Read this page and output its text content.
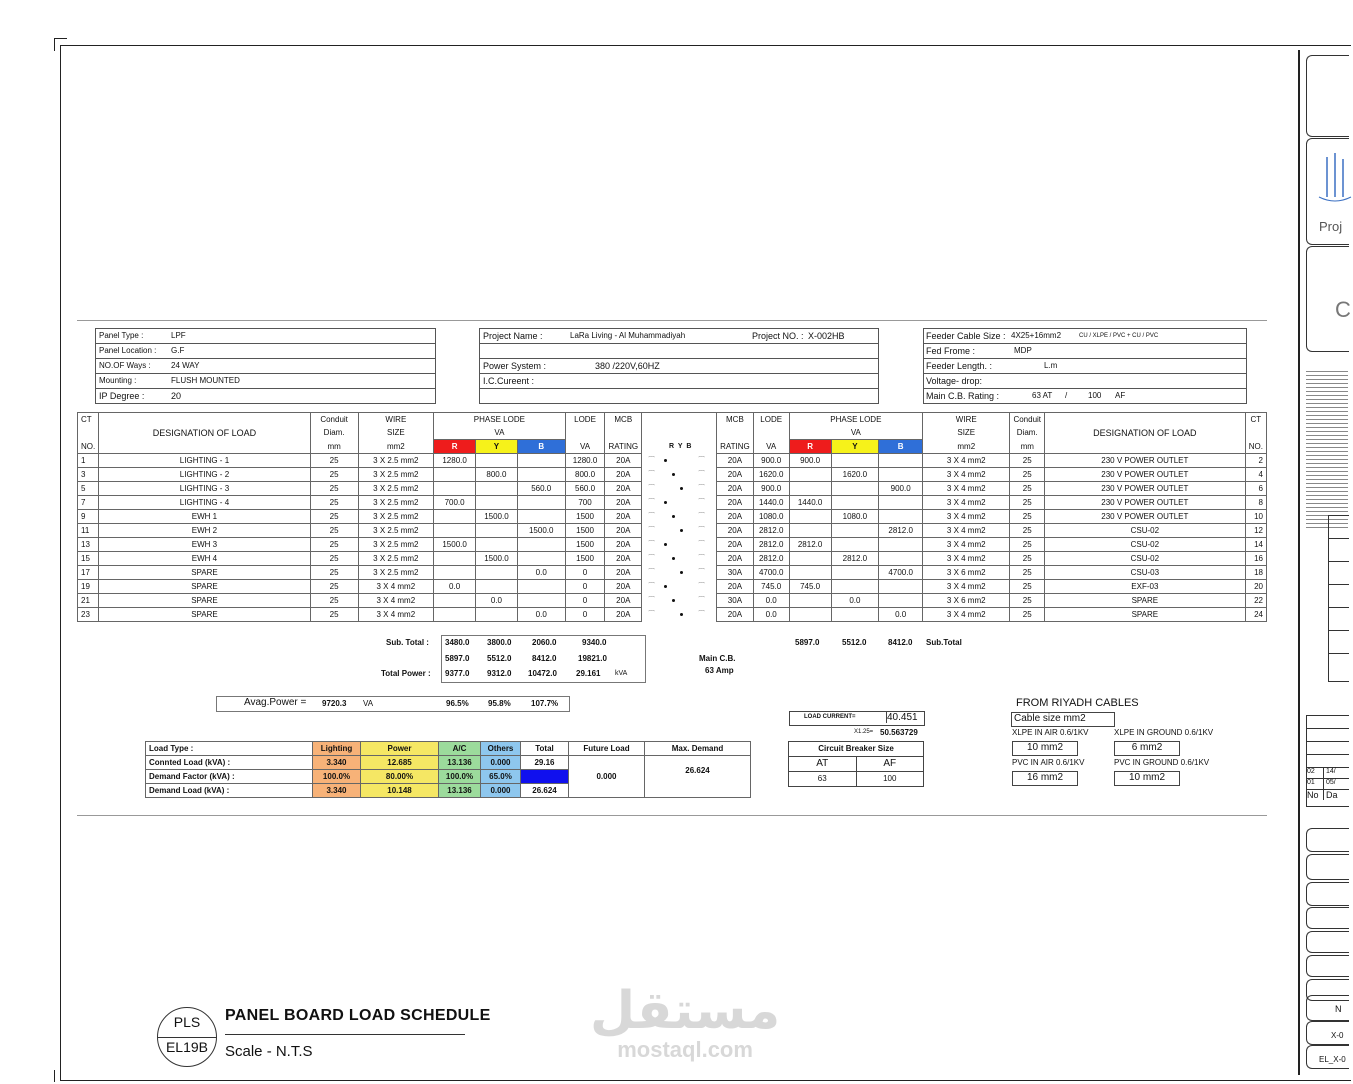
Panel Type :	LPF
Panel Location : G.F
NO.OF Ways :	24 WAY
Mounting :	FLUSH MOUNTED
IP Degree :	20
Project Name :	LaRa Living - Al Muhammadiyah	Project NO. : X-002HB
Power System :	380 /220V,60HZ
I.C.Cureent :
Feeder Cable Size : 4X25+16mm2	CU / XLPE / PVC + CU / PVC
Fed Frome :	MDP
Feeder Length. :	L.m
Voltage- drop:
Main C.B. Rating :	63 AT /	100 AF
CT	DESIGNATION OF LOAD	Conduit	WIRE	PHASE LODE			LODE	MCB		MCB	LODE	PHASE LODE			WIRE	Conduit	DESIGNATION OF LOAD	CT
		Diam.	SIZE	VA								VA			SIZE	Diam.		
NO.		mm	mm2	R	Y	B	VA	RATING		RATING	VA	R	Y	B	mm2	mm		NO.
1	LIGHTING - 1	25	3 X 2.5 mm2	1280.0			1280.0	20A	⌒ ⌒	20A	900.0	900.0			3 X 4 mm2	25	230 V POWER OUTLET	2
3	LIGHTING - 2	25	3 X 2.5 mm2		800.0		800.0	20A	⌒ ⌒	20A	1620.0		1620.0		3 X 4 mm2	25	230 V POWER OUTLET	4
5	LIGHTING - 3	25	3 X 2.5 mm2			560.0	560.0	20A	⌒ ⌒	20A	900.0			900.0	3 X 4 mm2	25	230 V POWER OUTLET	6
7	LIGHTING - 4	25	3 X 2.5 mm2	700.0			700	20A	⌒ ⌒	20A	1440.0	1440.0			3 X 4 mm2	25	230 V POWER OUTLET	8
9	EWH 1	25	3 X 2.5 mm2		1500.0		1500	20A	⌒ ⌒	20A	1080.0		1080.0		3 X 4 mm2	25	230 V POWER OUTLET	10
11	EWH 2	25	3 X 2.5 mm2			1500.0	1500	20A	⌒ ⌒	20A	2812.0			2812.0	3 X 4 mm2	25	CSU-02	12
13	EWH 3	25	3 X 2.5 mm2	1500.0			1500	20A	⌒ ⌒	20A	2812.0	2812.0			3 X 4 mm2	25	CSU-02	14
15	EWH 4	25	3 X 2.5 mm2		1500.0		1500	20A	⌒ ⌒	20A	2812.0		2812.0		3 X 4 mm2	25	CSU-02	16
17	SPARE	25	3 X 2.5 mm2			0.0	0	20A	⌒ ⌒	30A	4700.0			4700.0	3 X 6 mm2	25	CSU-03	18
19	SPARE	25	3 X 4 mm2	0.0			0	20A	⌒ ⌒	20A	745.0	745.0			3 X 4 mm2	25	EXF-03	20
21	SPARE	25	3 X 4 mm2		0.0		0	20A	⌒ ⌒	30A	0.0		0.0		3 X 6 mm2	25	SPARE	22
23	SPARE	25	3 X 4 mm2			0.0	0	20A	⌒ ⌒	20A	0.0			0.0	3 X 4 mm2	25	SPARE	24

R Y B
Sub. Total : 3480.0 3800.0	2060.0	9340.0
5897.0 5512.0	8412.0	19821.0
Total Power : 9377.0 9312.0 10472.0 29.161 kVA
5897.0	5512.0	8412.0 Sub.Total
Main C.B.
63 Amp
Avag.Power = 9720.3 VA	96.5% 95.8%	107.7%
LOAD CURRENT=	40.451
X1.25= 50.563729
Circuit Breaker Size
AT	AF
63	100
FROM RIYADH CABLES
Cable size mm2
XLPE IN AIR 0.6/1KV	XLPE IN GROUND 0.6/1KV
10 mm2	6 mm2
PVC IN AIR 0.6/1KV	PVC IN GROUND 0.6/1KV
16 mm2	10 mm2
Load Type :	Lighting	Power	A/C	Others	Total	Future Load	Max. Demand
Connted Load (kVA) :	3.340	12.685	13.136	0.000	29.16	0.000	26.624
Demand Factor (kVA) :	100.0%	80.00%	100.0%	65.0%			
Demand Load (kVA) :	3.340	10.148	13.136	0.000	26.624		
Proj
C
02	14/
01	05/
No Da
N
X-0
EL_X-0
PLS
EL19B
PANEL BOARD LOAD SCHEDULE
Scale - N.T.S
مستقل
mostaql.com
